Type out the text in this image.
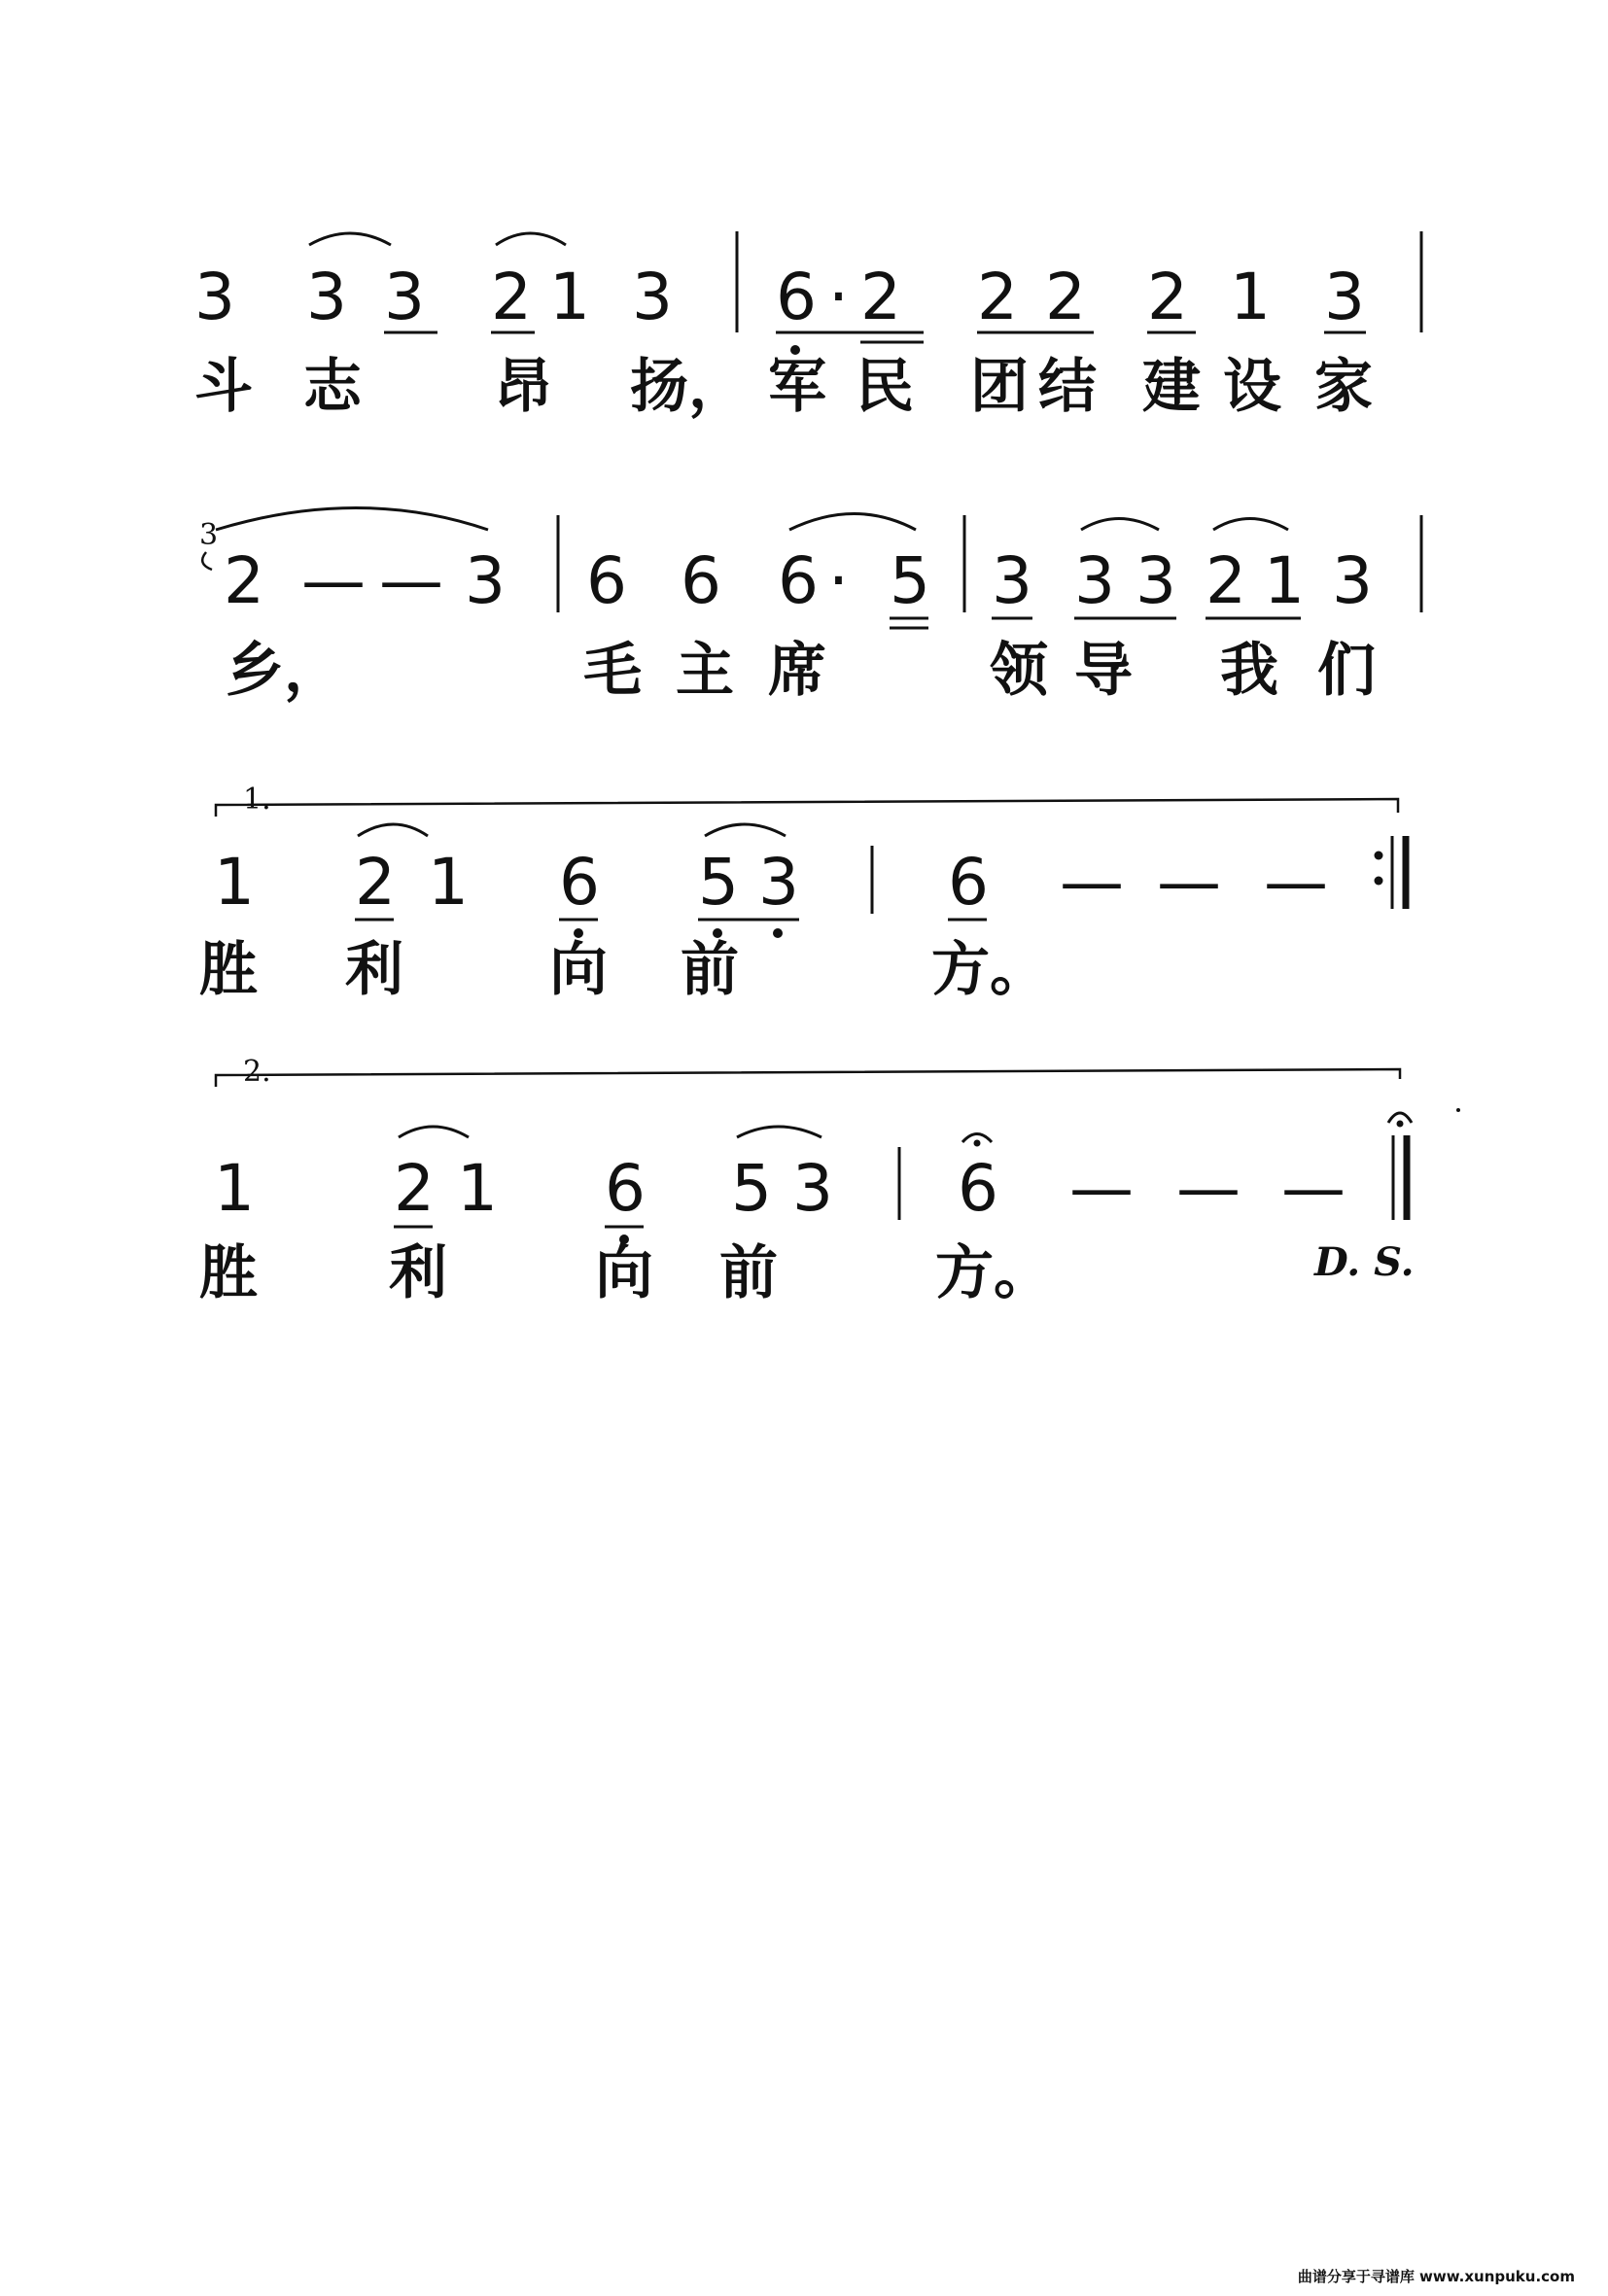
3 3 3 2 1 3 6 · 2 2 2 2 1 3
斗 志 昂 扬， 军 民 团 结 建 设 家
3
2 — — 3 6 6 6 · 5 3 3 3 2 1 3
乡，	毛 主 席	领 导 我 们
1.
1 2 1 6 5 3 6 — — —
胜 利	向 前	方。
2.
1 2 1 6 5 3 6 — — —
胜 利	向 前	方。	D. S.
曲谱分享于寻谱库 www.xunpuku.com
